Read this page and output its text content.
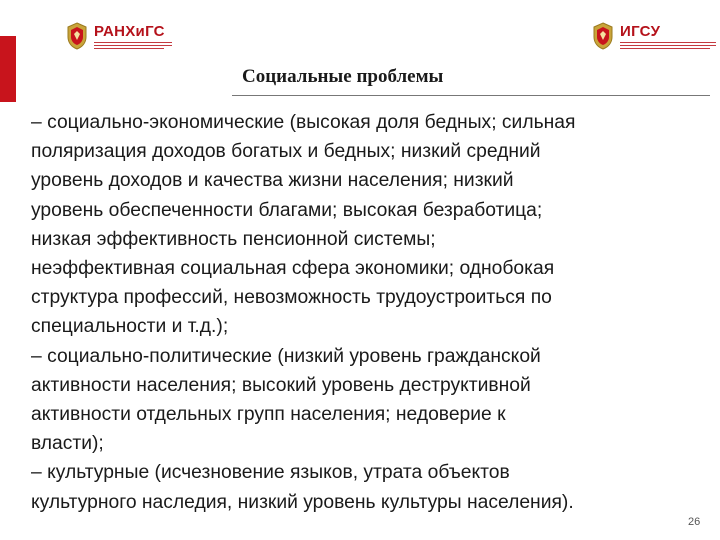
РАНХиГС	ИГСУ
Социальные проблемы
– социально-экономические (высокая доля бедных; сильная
поляризация доходов богатых и бедных; низкий средний
уровень доходов и качества жизни населения; низкий
уровень обеспеченности благами; высокая безработица;
низкая эффективность пенсионной системы;
неэффективная социальная сфера экономики; однобокая
структура профессий, невозможность трудоустроиться по
специальности и т.д.);
– социально-политические (низкий уровень гражданской
активности населения; высокий уровень деструктивной
активности отдельных групп населения; недоверие к
власти);
– культурные (исчезновение языков, утрата объектов
культурного наследия, низкий уровень культуры населения).
26
